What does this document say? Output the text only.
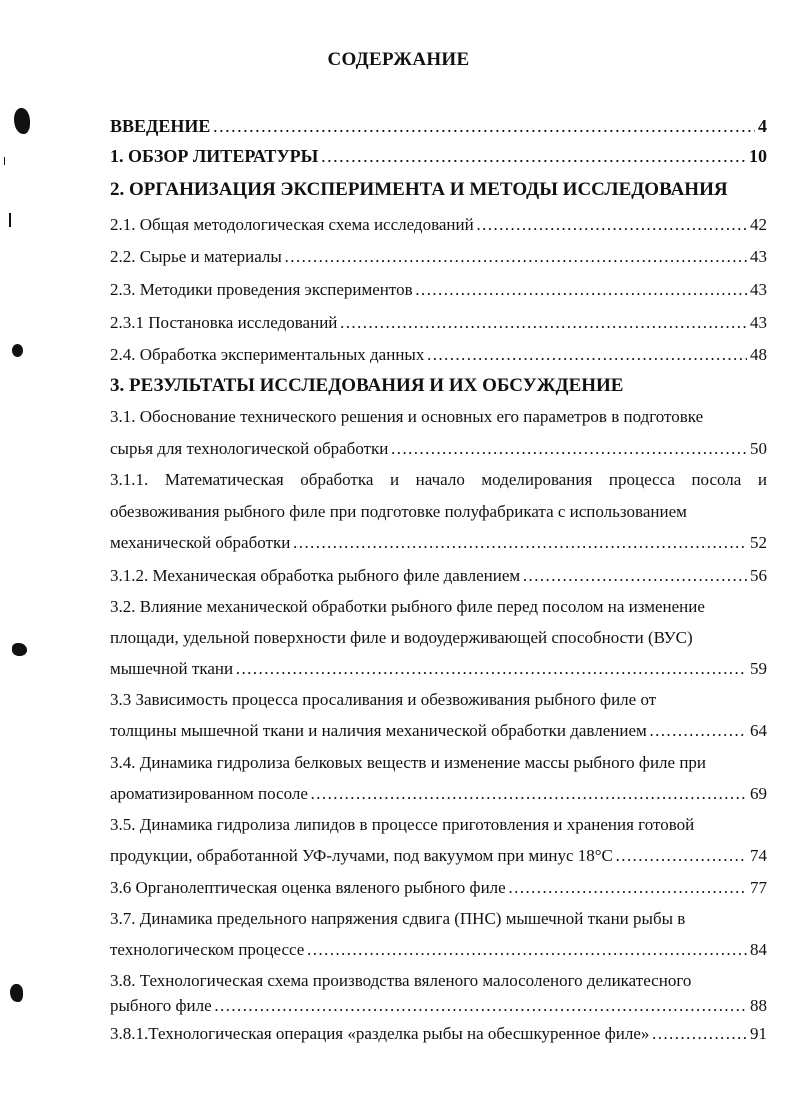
СОДЕРЖАНИЕ
ВВЕДЕНИЕ ……………………………………………………………………………………………………………………………………………………………………………………………………	4
1. ОБЗОР ЛИТЕРАТУРЫ ……………………………………………………………………………………………………………………………………………………………………………………………………	10
2. ОРГАНИЗАЦИЯ ЭКСПЕРИМЕНТА И МЕТОДЫ ИССЛЕДОВАНИЯ
2.1. Общая методологическая схема исследований ……………………………………………………………………………………………………………………………………………………………………………………………………	42
2.2. Сырье и материалы ……………………………………………………………………………………………………………………………………………………………………………………………………	43
2.3. Методики проведения экспериментов ……………………………………………………………………………………………………………………………………………………………………………………………………	43
2.3.1 Постановка исследований ……………………………………………………………………………………………………………………………………………………………………………………………………	43
2.4. Обработка экспериментальных данных ……………………………………………………………………………………………………………………………………………………………………………………………………	48
3. РЕЗУЛЬТАТЫ ИССЛЕДОВАНИЯ И ИХ ОБСУЖДЕНИЕ
3.1. Обоснование технического решения и основных его параметров в подготовке
сырья для технологической обработки ……………………………………………………………………………………………………………………………………………………………………………………………………	50
3.1.1. Математическая обработка и начало моделирования процесса посола и
обезвоживания рыбного филе при подготовке полуфабриката с использованием
механической обработки ……………………………………………………………………………………………………………………………………………………………………………………………………	52
3.1.2. Механическая обработка рыбного филе давлением ……………………………………………………………………………………………………………………………………………………………………………………………………	56
3.2. Влияние механической обработки рыбного филе перед посолом на изменение
площади, удельной поверхности филе и водоудерживающей способности (ВУС)
мышечной ткани ……………………………………………………………………………………………………………………………………………………………………………………………………	59
3.3 Зависимость процесса просаливания и обезвоживания рыбного филе от
толщины мышечной ткани и наличия механической обработки давлением ……………………………………………………………………………………………………………………………………………………………………………………………………	64
3.4. Динамика гидролиза белковых веществ и изменение массы рыбного филе при
ароматизированном посоле ……………………………………………………………………………………………………………………………………………………………………………………………………	69
3.5. Динамика гидролиза липидов в процессе приготовления и хранения готовой
продукции, обработанной УФ-лучами, под вакуумом при минус 18°С ……………………………………………………………………………………………………………………………………………………………………………………………………	74
3.6 Органолептическая оценка вяленого рыбного филе ……………………………………………………………………………………………………………………………………………………………………………………………………	77
3.7. Динамика предельного напряжения сдвига (ПНС) мышечной ткани рыбы в
технологическом процессе ……………………………………………………………………………………………………………………………………………………………………………………………………	84
3.8. Технологическая схема производства вяленого малосоленого деликатесного
рыбного филе ……………………………………………………………………………………………………………………………………………………………………………………………………	88
3.8.1.Технологическая операция «разделка рыбы на обесшкуренное филе» ……………………………………………………………………………………………………………………………………………………………………………………………………	91
